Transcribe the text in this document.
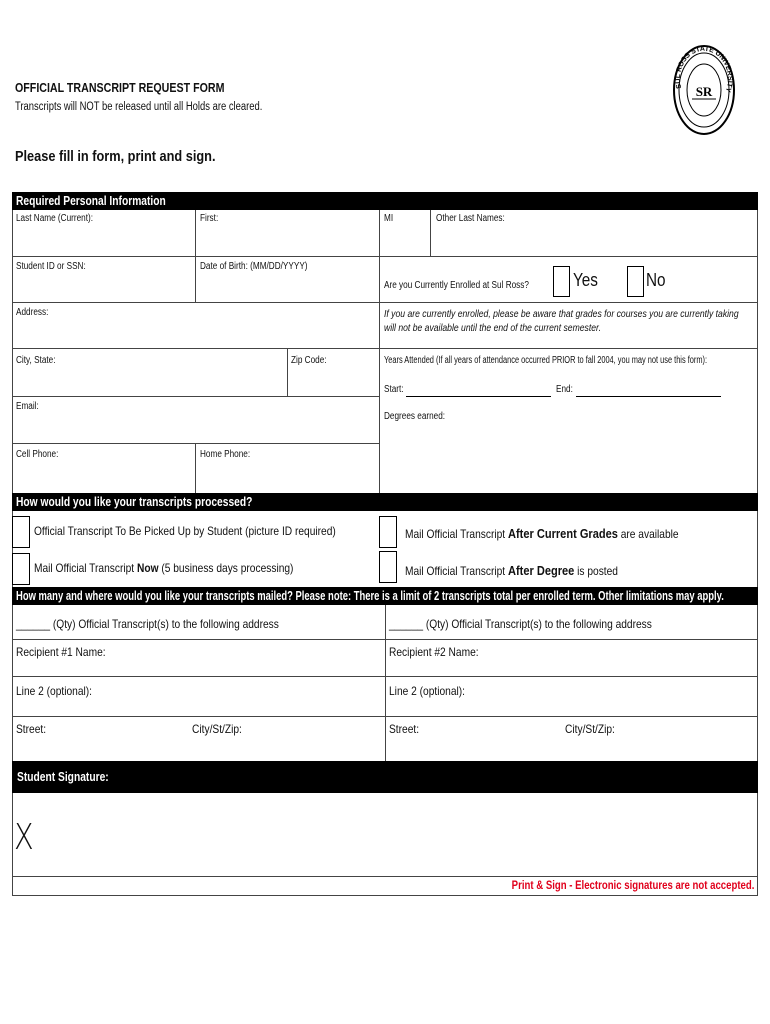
OFFICIAL TRANSCRIPT REQUEST FORM
Transcripts will NOT be released until all Holds are cleared.
Please fill in form, print and sign.
SUL ROSS STATE UNIVERSITY
SR
Required Personal Information
Last Name (Current):	First:	MI	Other Last Names:
Student ID or SSN:	Date of Birth: (MM/DD/YYYY)
Are you Currently Enrolled at Sul Ross? Yes	No
Address:	If you are currently enrolled, please be aware that grades for courses you are currently taking will not be available until the end of the current semester.
City, State:	Zip Code:	Years Attended (If all years of attendance occurred PRIOR to fall 2004, you may not use this form):
Start:	End:
Email:
Degrees earned:
Cell Phone:	Home Phone:
How would you like your transcripts processed?
Official Transcript To Be Picked Up by Student (picture ID required)
Mail Official Transcript Now (5 business days processing)
Mail Official Transcript After Current Grades are available
Mail Official Transcript After Degree is posted
How many and where would you like your transcripts mailed? Please note: There is a limit of 2 transcripts total per enrolled term. Other limitations may apply.
______ (Qty) Official Transcript(s) to the following address	______ (Qty) Official Transcript(s) to the following address
Recipient #1 Name:	Recipient #2 Name:
Line 2 (optional):	Line 2 (optional):
Street:	City/St/Zip:	Street:	City/St/Zip:
Student Signature:
X
Print & Sign - Electronic signatures are not accepted.
